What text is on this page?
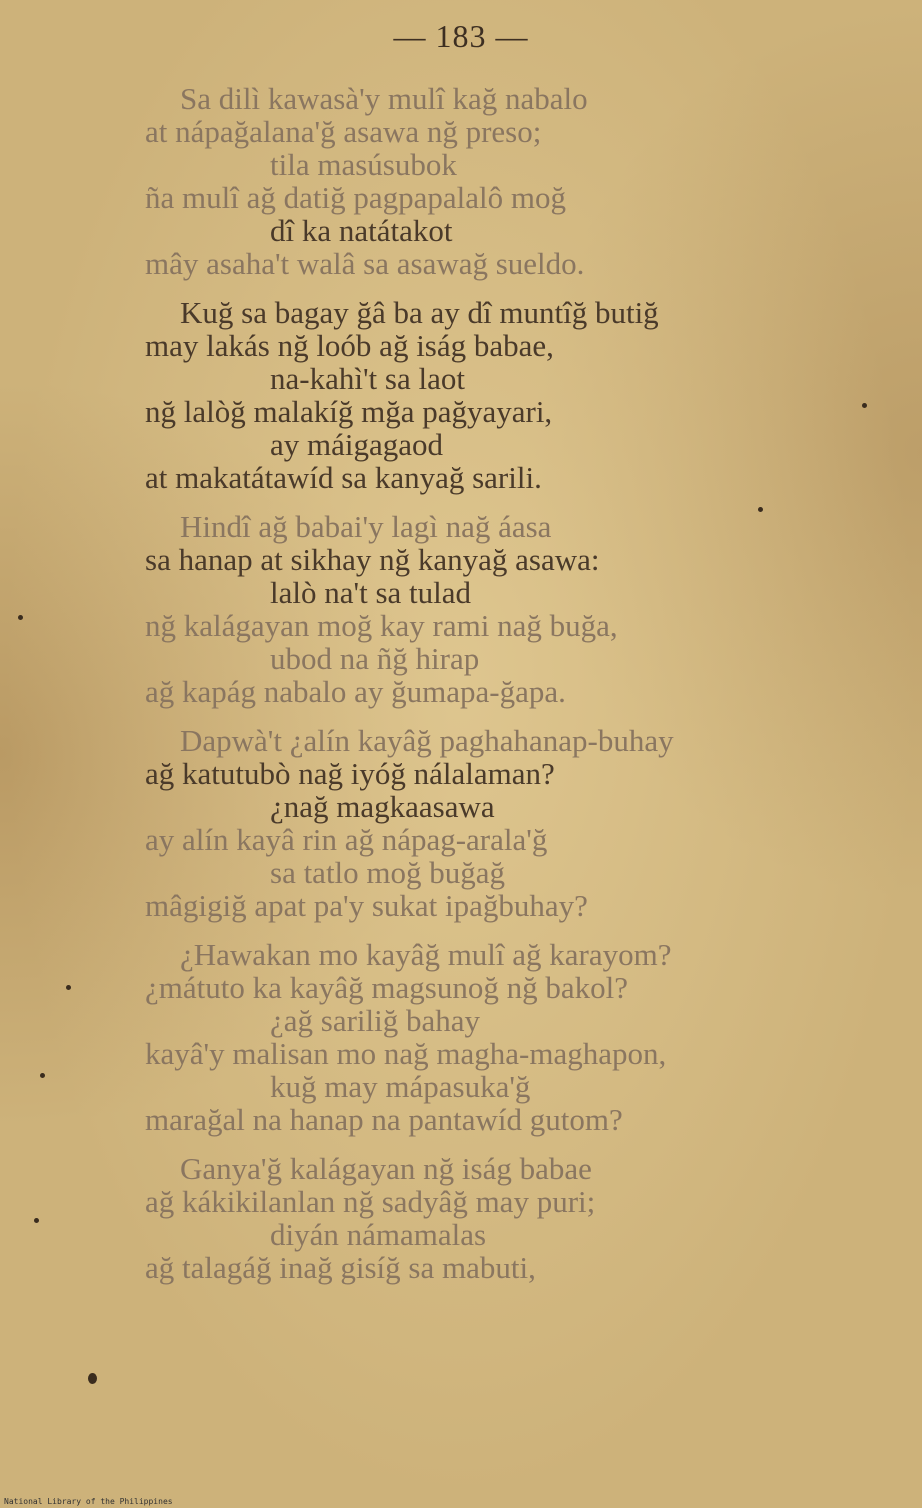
— 183 —
Sa dilì kawasà'y mulî kağ nabalo
at nápağalana'ğ asawa nğ preso;
tila masúsubok
ña mulî ağ datiğ pagpapalalô moğ
dî ka natátakot
mây asaha't walâ sa asawağ sueldo.
Kuğ sa bagay ğâ ba ay dî muntîğ butiğ
may lakás nğ loób ağ iság babae,
na-kahì't sa laot
nğ lalòğ malakíğ mğa pağyayari,
ay máigagaod
at makatátawíd sa kanyağ sarili.
Hindî ağ babai'y lagì nağ áasa
sa hanap at sikhay nğ kanyağ asawa:
lalò na't sa tulad
nğ kalágayan moğ kay rami nağ buğa,
ubod na ñğ hirap
ağ kapág nabalo ay ğumapa-ğapa.
Dapwà't ¿alín kayâğ paghahanap-buhay
ağ katutubò nağ iyóğ nálalaman?
¿nağ magkaasawa
ay alín kayâ rin ağ nápag-arala'ğ
sa tatlo moğ buğağ
mâgigiğ apat pa'y sukat ipağbuhay?
¿Hawakan mo kayâğ mulî ağ karayom?
¿mátuto ka kayâğ magsunoğ nğ bakol?
¿ağ sariliğ bahay
kayâ'y malisan mo nağ magha-maghapon,
kuğ may mápasuka'ğ
marağal na hanap na pantawíd gutom?
Ganya'ğ kalágayan nğ iság babae
ağ kákikilanlan nğ sadyâğ may puri;
diyán námamalas
ağ talagáğ inağ gisíğ sa mabuti,
National Library of the Philippines
